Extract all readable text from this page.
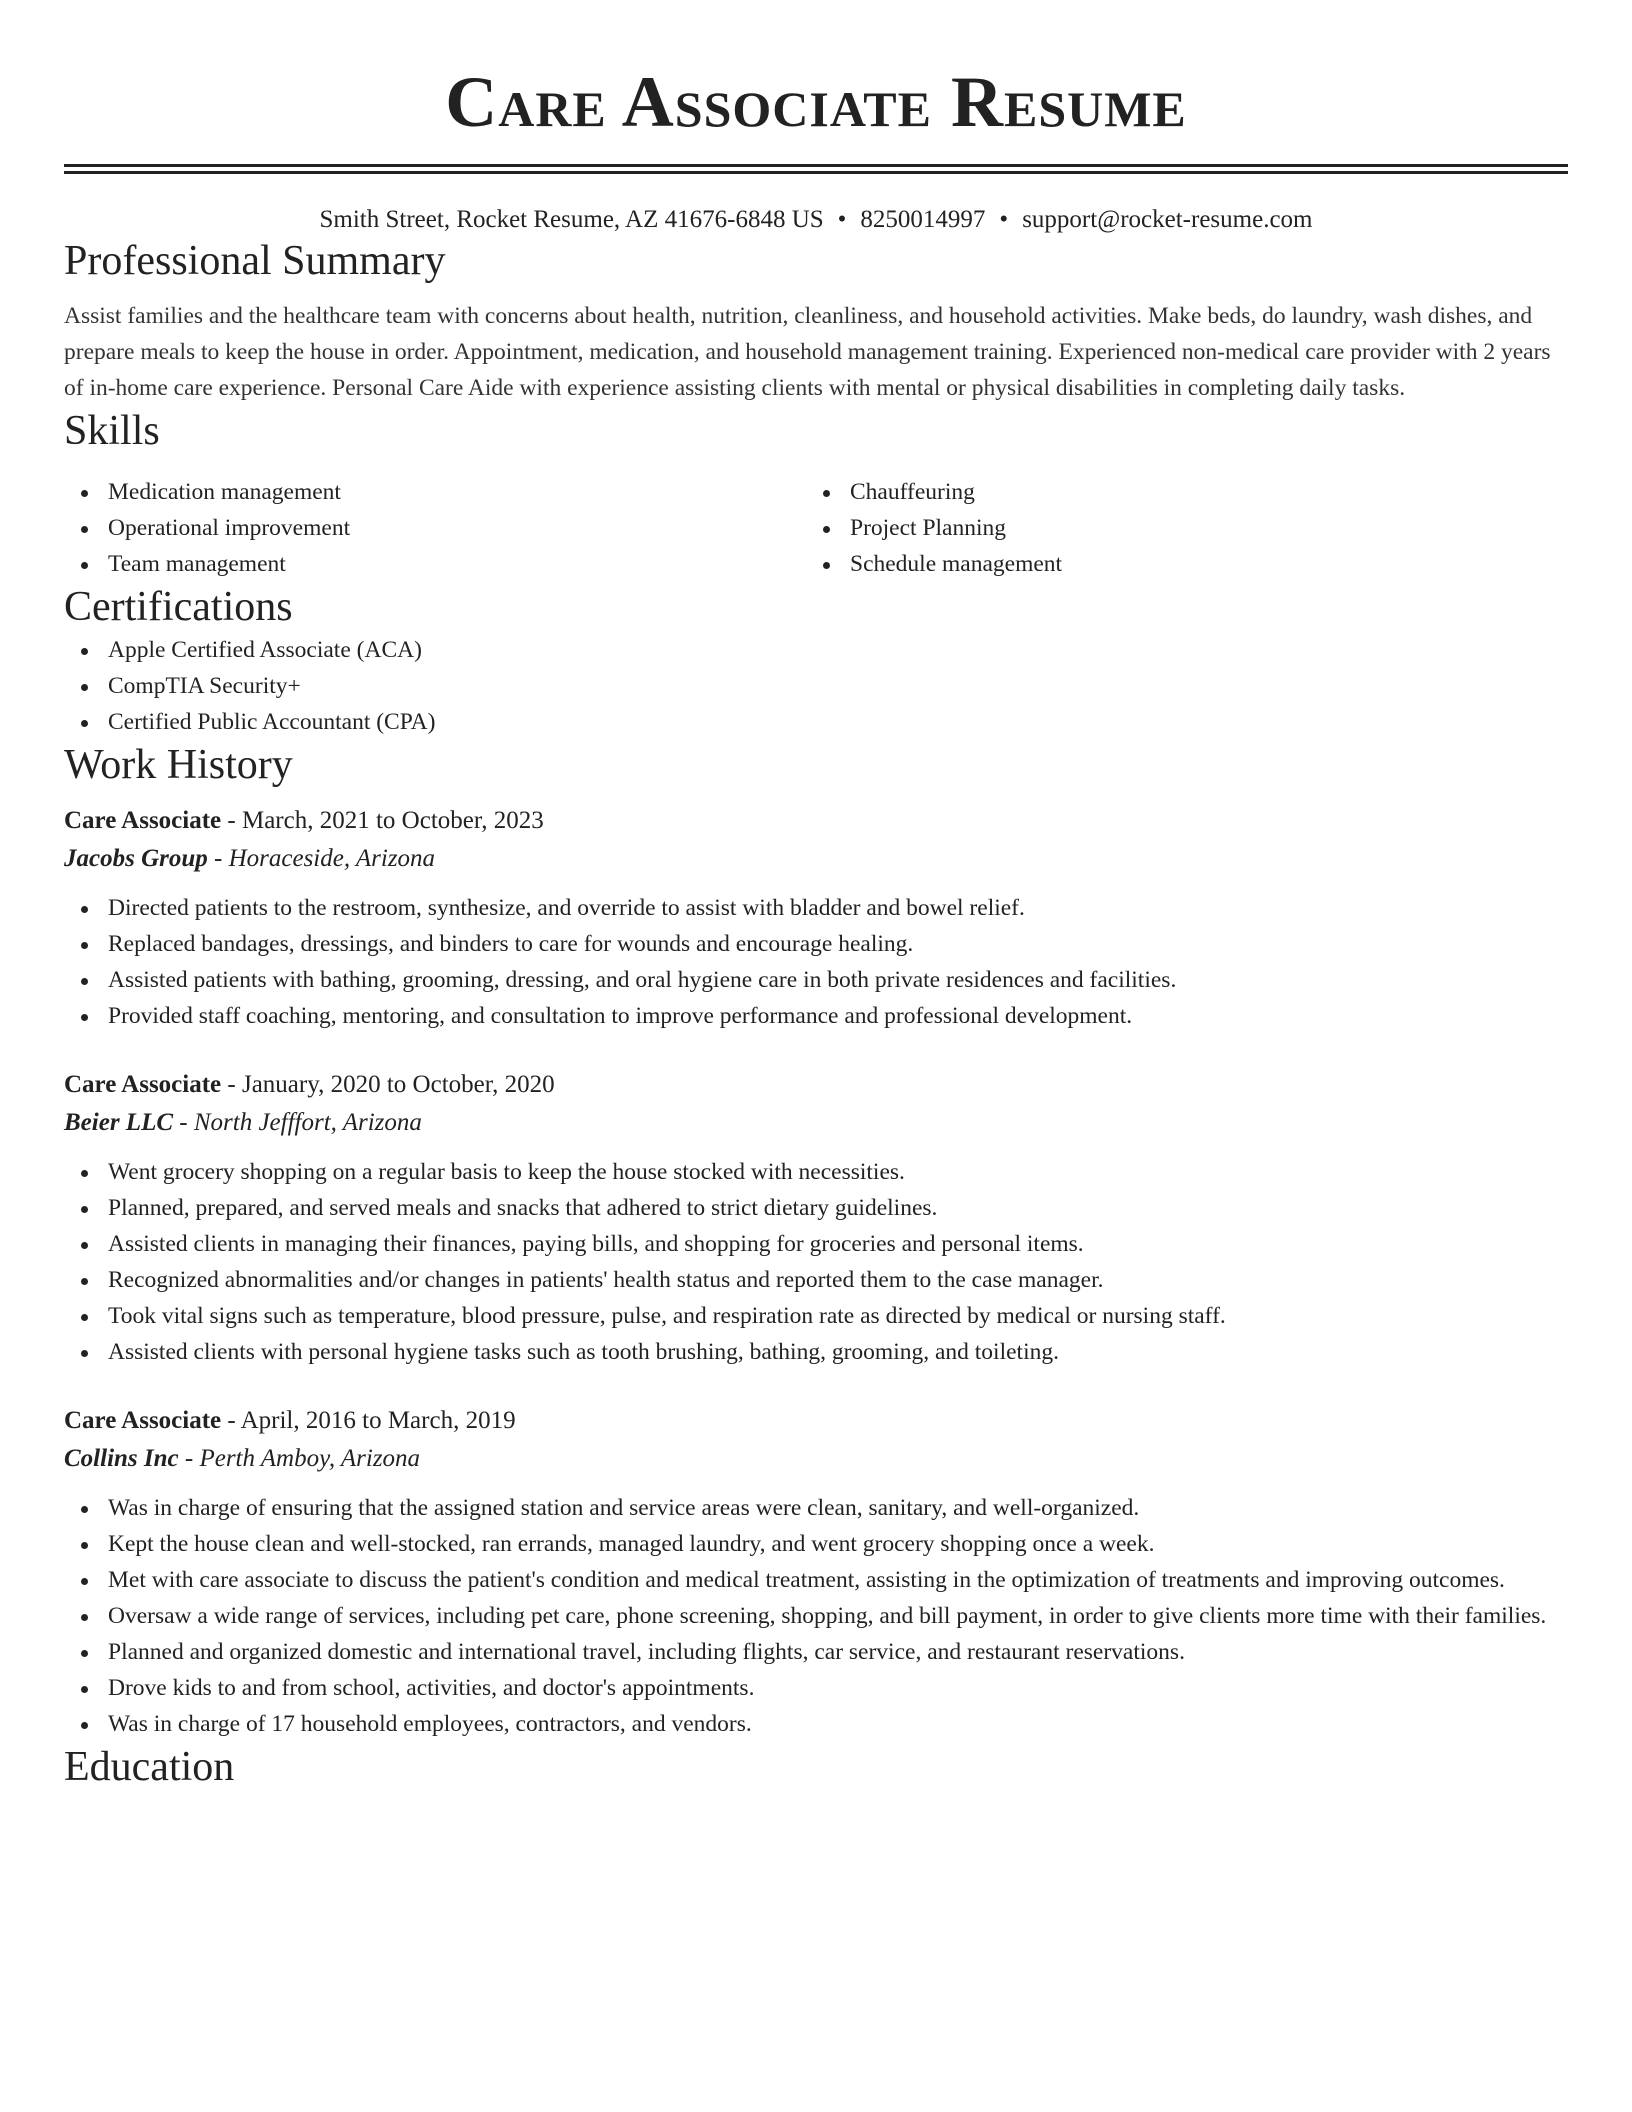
Care Associate Resume
Smith Street, Rocket Resume, AZ 41676-6848 US • 8250014997 • support@rocket-resume.com
Professional Summary
Assist families and the healthcare team with concerns about health, nutrition, cleanliness, and household activities. Make beds, do laundry, wash dishes, and prepare meals to keep the house in order. Appointment, medication, and household management training. Experienced non-medical care provider with 2 years of in-home care experience. Personal Care Aide with experience assisting clients with mental or physical disabilities in completing daily tasks.
Skills
Medication management
Operational improvement
Team management
Chauffeuring
Project Planning
Schedule management
Certifications
Apple Certified Associate (ACA)
CompTIA Security+
Certified Public Accountant (CPA)
Work History
Care Associate - March, 2021 to October, 2023
Jacobs Group - Horaceside, Arizona
Directed patients to the restroom, synthesize, and override to assist with bladder and bowel relief.
Replaced bandages, dressings, and binders to care for wounds and encourage healing.
Assisted patients with bathing, grooming, dressing, and oral hygiene care in both private residences and facilities.
Provided staff coaching, mentoring, and consultation to improve performance and professional development.
Care Associate - January, 2020 to October, 2020
Beier LLC - North Jefffort, Arizona
Went grocery shopping on a regular basis to keep the house stocked with necessities.
Planned, prepared, and served meals and snacks that adhered to strict dietary guidelines.
Assisted clients in managing their finances, paying bills, and shopping for groceries and personal items.
Recognized abnormalities and/or changes in patients' health status and reported them to the case manager.
Took vital signs such as temperature, blood pressure, pulse, and respiration rate as directed by medical or nursing staff.
Assisted clients with personal hygiene tasks such as tooth brushing, bathing, grooming, and toileting.
Care Associate - April, 2016 to March, 2019
Collins Inc - Perth Amboy, Arizona
Was in charge of ensuring that the assigned station and service areas were clean, sanitary, and well-organized.
Kept the house clean and well-stocked, ran errands, managed laundry, and went grocery shopping once a week.
Met with care associate to discuss the patient's condition and medical treatment, assisting in the optimization of treatments and improving outcomes.
Oversaw a wide range of services, including pet care, phone screening, shopping, and bill payment, in order to give clients more time with their families.
Planned and organized domestic and international travel, including flights, car service, and restaurant reservations.
Drove kids to and from school, activities, and doctor's appointments.
Was in charge of 17 household employees, contractors, and vendors.
Education
